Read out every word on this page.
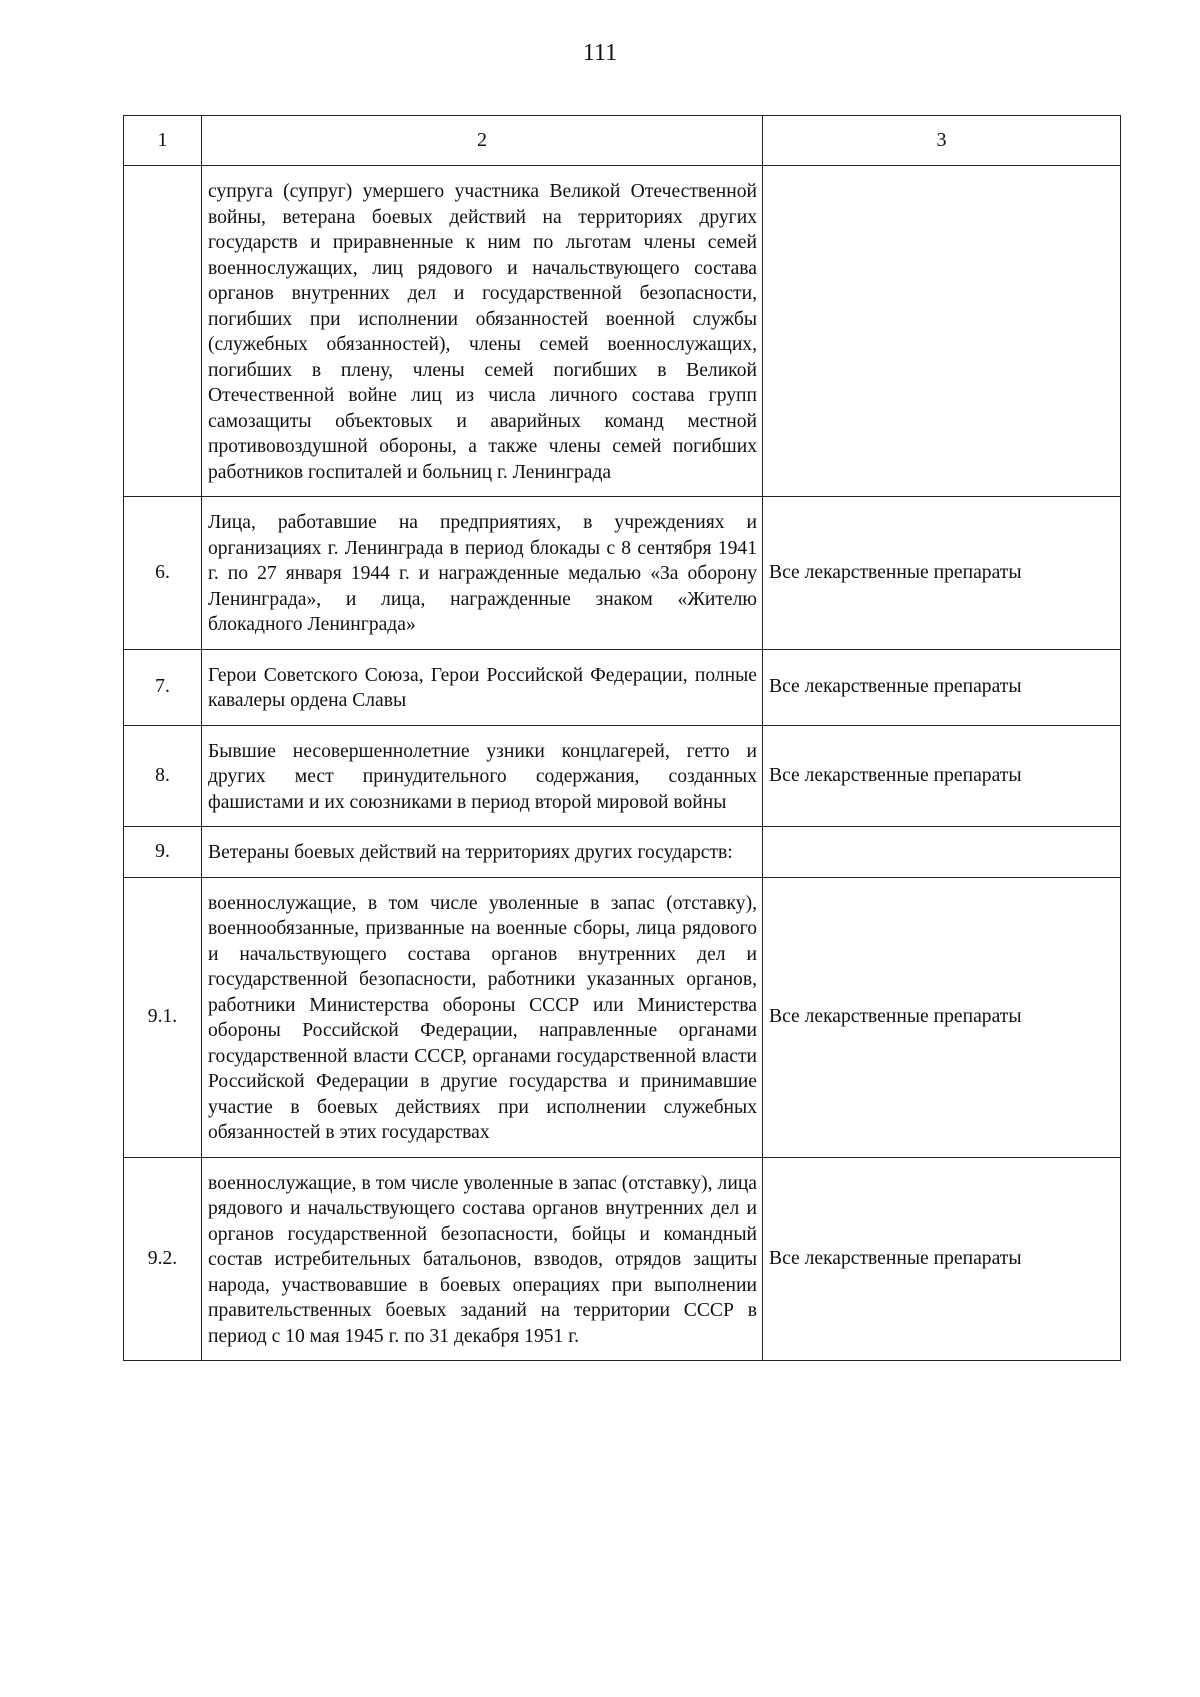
111
1	2	3
	супруга (супруг) умершего участника Великой Отечественной войны, ветерана боевых действий на территориях других государств и приравненные к ним по льготам члены семей военнослужащих, лиц рядового и начальствующего состава органов внутренних дел и государственной безопасности, погибших при исполнении обязанностей военной службы (служебных обязанностей), члены семей военнослужащих, погибших в плену, члены семей погибших в Великой Отечественной войне лиц из числа личного состава групп самозащиты объектовых и аварийных команд местной противовоздушной обороны, а также члены семей погибших работников госпиталей и больниц г. Ленинграда	
6.	Лица, работавшие на предприятиях, в учреждениях и организациях г. Ленинграда в период блокады с 8 сентября 1941 г. по 27 января 1944 г. и награжденные медалью «За оборону Ленинграда», и лица, награжденные знаком «Жителю блокадного Ленинграда»	Все лекарственные препараты
7.	Герои Советского Союза, Герои Российской Федерации, полные кавалеры ордена Славы	Все лекарственные препараты
8.	Бывшие несовершеннолетние узники концлагерей, гетто и других мест принудительного содержания, созданных фашистами и их союзниками в период второй мировой войны	Все лекарственные препараты
9.	Ветераны боевых действий на территориях других государств:	
9.1.	военнослужащие, в том числе уволенные в запас (отставку), военнообязанные, призванные на военные сборы, лица рядового и начальствующего состава органов внутренних дел и государственной безопасности, работники указанных органов, работники Министерства обороны СССР или Министерства обороны Российской Федерации, направленные органами государственной власти СССР, органами государственной власти Российской Федерации в другие государства и принимавшие участие в боевых действиях при исполнении служебных обязанностей в этих государствах	Все лекарственные препараты
9.2.	военнослужащие, в том числе уволенные в запас (отставку), лица рядового и начальствующего состава органов внутренних дел и органов государственной безопасности, бойцы и командный состав истребительных батальонов, взводов, отрядов защиты народа, участвовавшие в боевых операциях при выполнении правительственных боевых заданий на территории СССР в период с 10 мая 1945 г. по 31 декабря 1951 г.	Все лекарственные препараты
